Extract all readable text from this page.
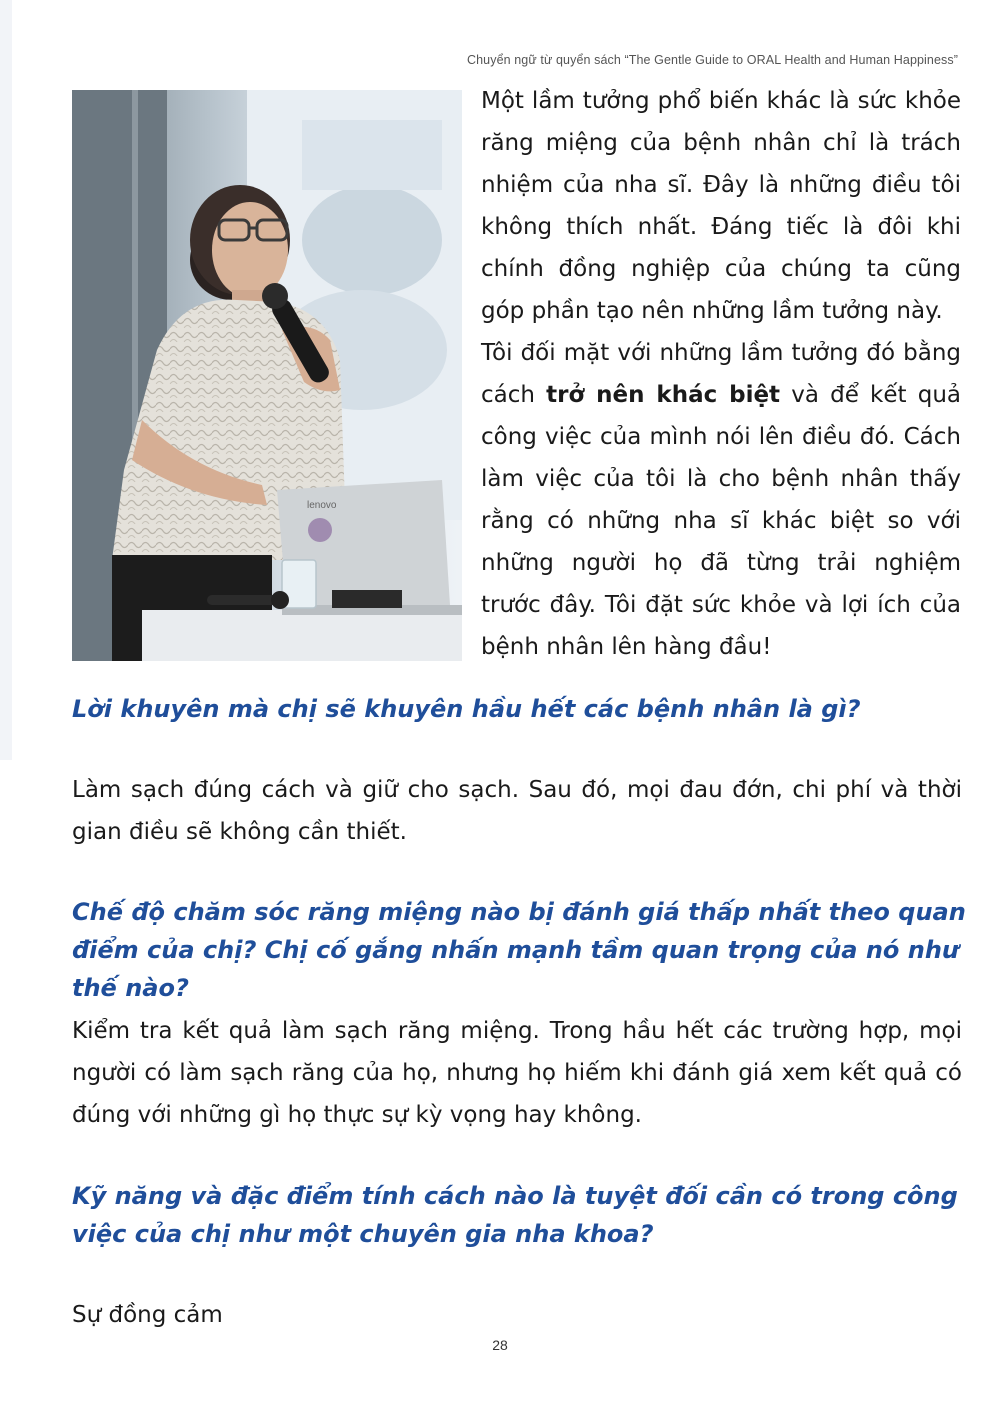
Chuyển ngữ từ quyển sách “The Gentle Guide to ORAL Health and Human Happiness”
lenovo

Một lầm tưởng phổ biến khác là sức khỏe răng miệng của bệnh nhân chỉ là trách nhiệm của nha sĩ. Đây là những điều tôi không thích nhất. Đáng tiếc là đôi khi chính đồng nghiệp của chúng ta cũng góp phần tạo nên những lầm tưởng này.

Tôi đối mặt với những lầm tưởng đó bằng cách trở nên khác biệt và để kết quả công việc của mình nói lên điều đó. Cách làm việc của tôi là cho bệnh nhân thấy rằng có những nha sĩ khác biệt so với những người họ đã từng trải nghiệm trước đây. Tôi đặt sức khỏe và lợi ích của bệnh nhân lên hàng đầu!

Lời khuyên mà chị sẽ khuyên hầu hết các bệnh nhân là gì?

Làm sạch đúng cách và giữ cho sạch. Sau đó, mọi đau đớn, chi phí và thời gian điều sẽ không cần thiết.

Chế độ chăm sóc răng miệng nào bị đánh giá thấp nhất theo quan điểm của chị? Chị cố gắng nhấn mạnh tầm quan trọng của nó như thế nào?

Kiểm tra kết quả làm sạch răng miệng. Trong hầu hết các trường hợp, mọi người có làm sạch răng của họ, nhưng họ hiếm khi đánh giá xem kết quả có đúng với những gì họ thực sự kỳ vọng hay không.

Kỹ năng và đặc điểm tính cách nào là tuyệt đối cần có trong công việc của chị như một chuyên gia nha khoa?

Sự đồng cảm

28
